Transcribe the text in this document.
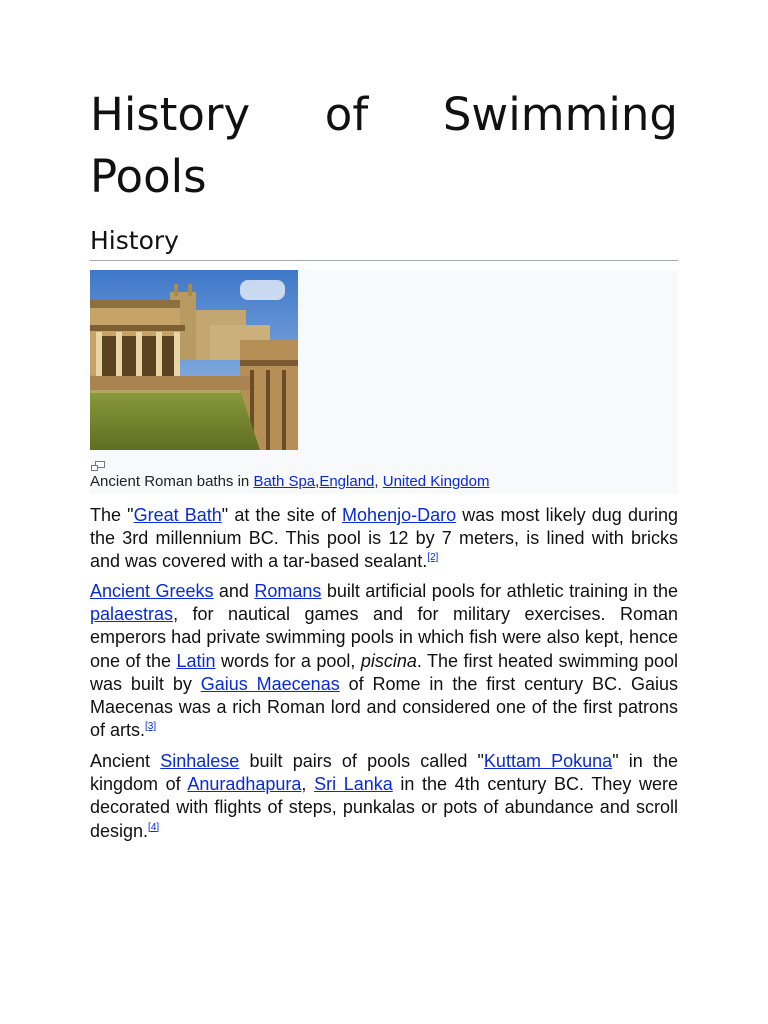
History of Swimming Pools
History
Ancient Roman baths in Bath Spa,England, United Kingdom

The "Great Bath" at the site of Mohenjo-Daro was most likely dug during the 3rd millennium BC. This pool is 12 by 7 meters, is lined with bricks and was covered with a tar-based sealant.[2]

Ancient Greeks and Romans built artificial pools for athletic training in the palaestras, for nautical games and for military exercises. Roman emperors had private swimming pools in which fish were also kept, hence one of the Latin words for a pool, piscina. The first heated swimming pool was built by Gaius Maecenas of Rome in the first century BC. Gaius Maecenas was a rich Roman lord and considered one of the first patrons of arts.[3]

Ancient Sinhalese built pairs of pools called "Kuttam Pokuna" in the kingdom of Anuradhapura, Sri Lanka in the 4th century BC. They were decorated with flights of steps, punkalas or pots of abundance and scroll design.[4]
